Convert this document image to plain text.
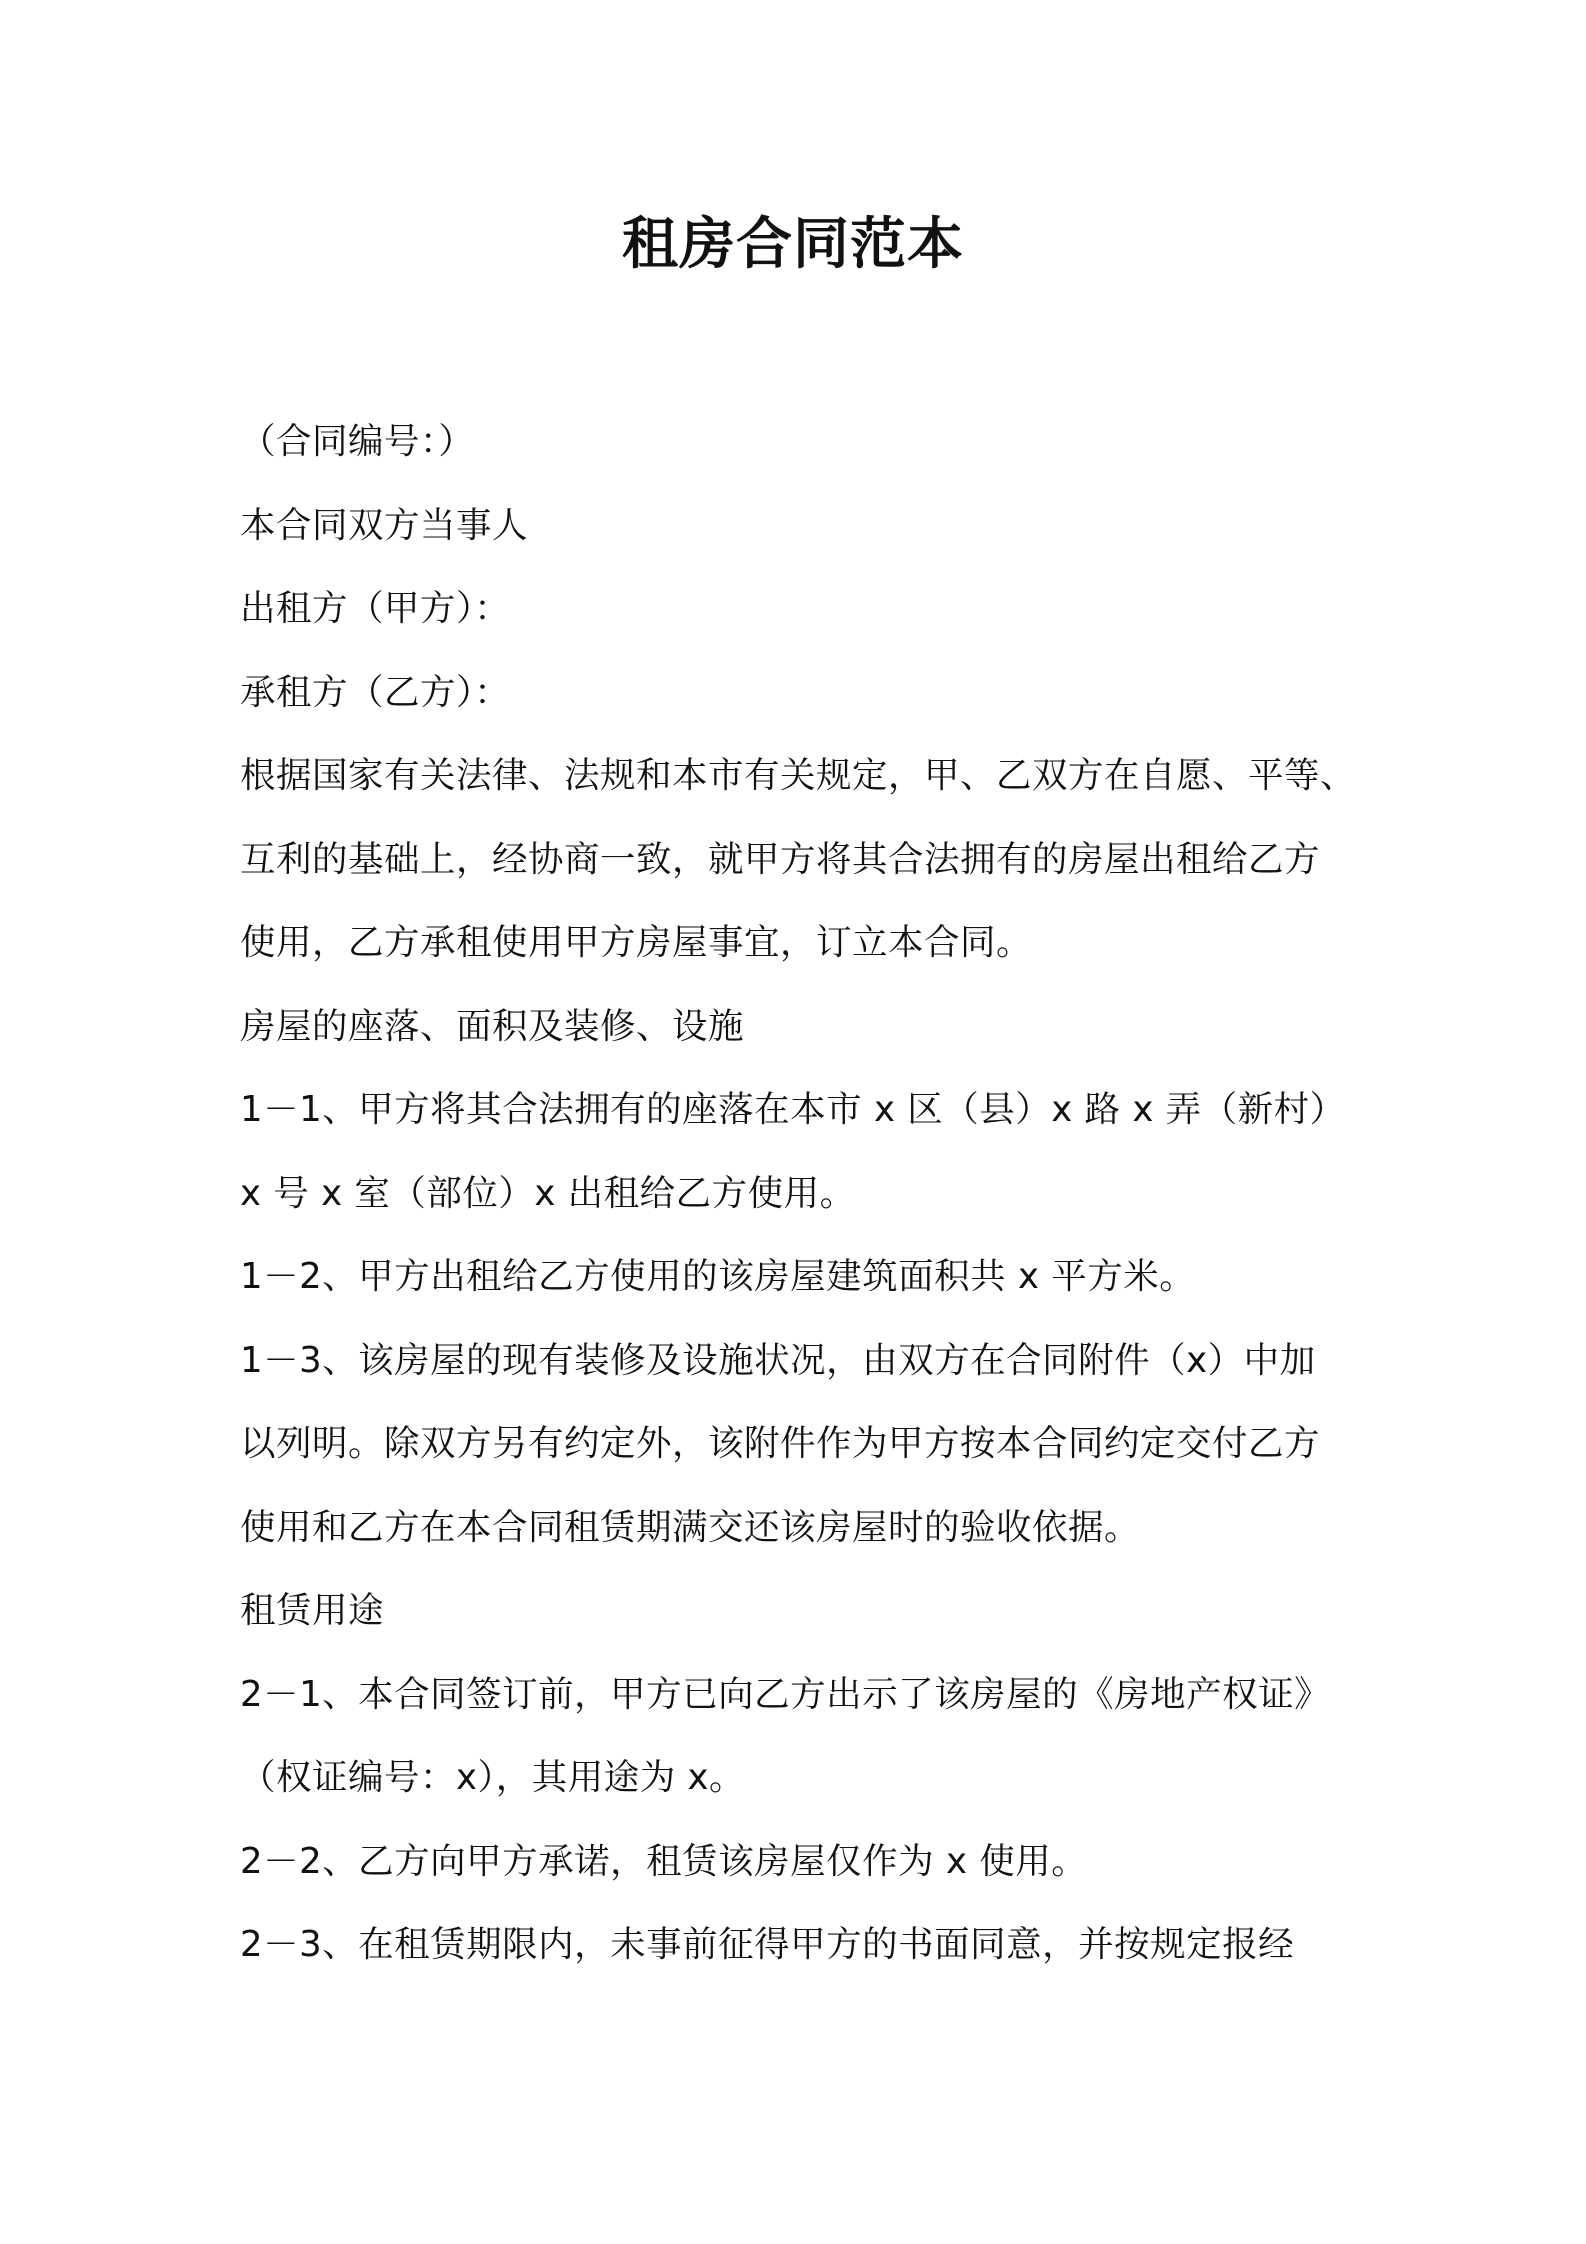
租房合同范本

（合同编号：）

本合同双方当事人

出租方（甲方）：

承租方（乙方）：

根据国家有关法律、法规和本市有关规定，甲、乙双方在自愿、平等、

互利的基础上，经协商一致，就甲方将其合法拥有的房屋出租给乙方

使用，乙方承租使用甲方房屋事宜，订立本合同。

房屋的座落、面积及装修、设施

1－1、甲方将其合法拥有的座落在本市 x 区（县）x 路 x 弄（新村）

x 号 x 室（部位）x 出租给乙方使用。

1－2、甲方出租给乙方使用的该房屋建筑面积共 x 平方米。

1－3、该房屋的现有装修及设施状况，由双方在合同附件（x）中加

以列明。除双方另有约定外，该附件作为甲方按本合同约定交付乙方

使用和乙方在本合同租赁期满交还该房屋时的验收依据。

租赁用途

2－1、本合同签订前，甲方已向乙方出示了该房屋的《房地产权证》

（权证编号：x），其用途为 x。

2－2、乙方向甲方承诺，租赁该房屋仅作为 x 使用。

2－3、在租赁期限内，未事前征得甲方的书面同意，并按规定报经
